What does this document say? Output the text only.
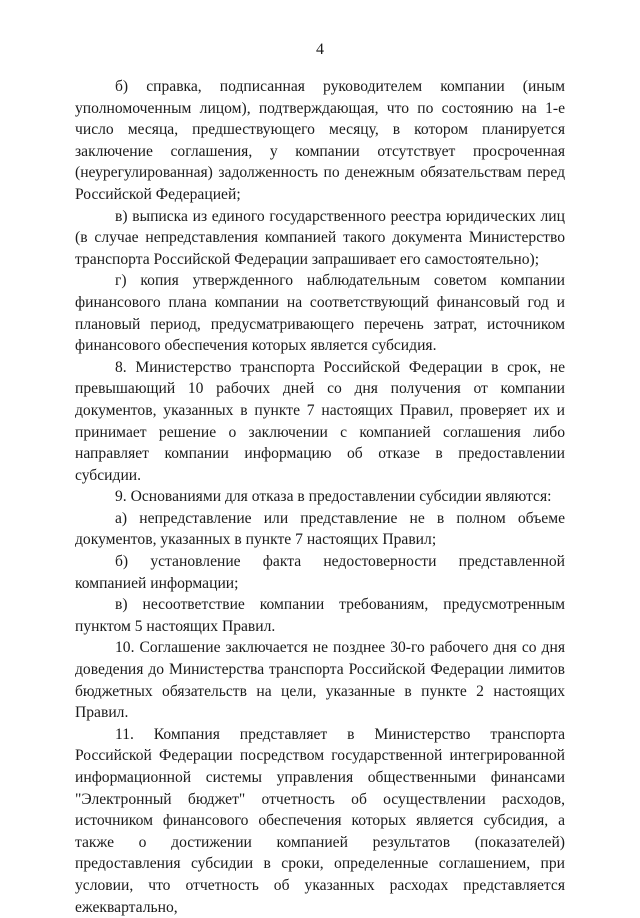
4

б) справка, подписанная руководителем компании (иным уполномоченным лицом), подтверждающая, что по состоянию на 1-е число месяца, предшествующего месяцу, в котором планируется заключение соглашения, у компании отсутствует просроченная (неурегулированная) задолженность по денежным обязательствам перед Российской Федерацией;

в) выписка из единого государственного реестра юридических лиц (в случае непредставления компанией такого документа Министерство транспорта Российской Федерации запрашивает его самостоятельно);

г) копия утвержденного наблюдательным советом компании финансового плана компании на соответствующий финансовый год и плановый период, предусматривающего перечень затрат, источником финансового обеспечения которых является субсидия.

8. Министерство транспорта Российской Федерации в срок, не превышающий 10 рабочих дней со дня получения от компании документов, указанных в пункте 7 настоящих Правил, проверяет их и принимает решение о заключении с компанией соглашения либо направляет компании информацию об отказе в предоставлении субсидии.

9. Основаниями для отказа в предоставлении субсидии являются:

а) непредставление или представление не в полном объеме документов, указанных в пункте 7 настоящих Правил;

б) установление факта недостоверности представленной компанией информации;

в) несоответствие компании требованиям, предусмотренным пунктом 5 настоящих Правил.

10. Соглашение заключается не позднее 30-го рабочего дня со дня доведения до Министерства транспорта Российской Федерации лимитов бюджетных обязательств на цели, указанные в пункте 2 настоящих Правил.

11. Компания представляет в Министерство транспорта Российской Федерации посредством государственной интегрированной информационной системы управления общественными финансами "Электронный бюджет" отчетность об осуществлении расходов, источником финансового обеспечения которых является субсидия, а также о достижении компанией результатов (показателей) предоставления субсидии в сроки, определенные соглашением, при условии, что отчетность об указанных расходах представляется ежеквартально,
